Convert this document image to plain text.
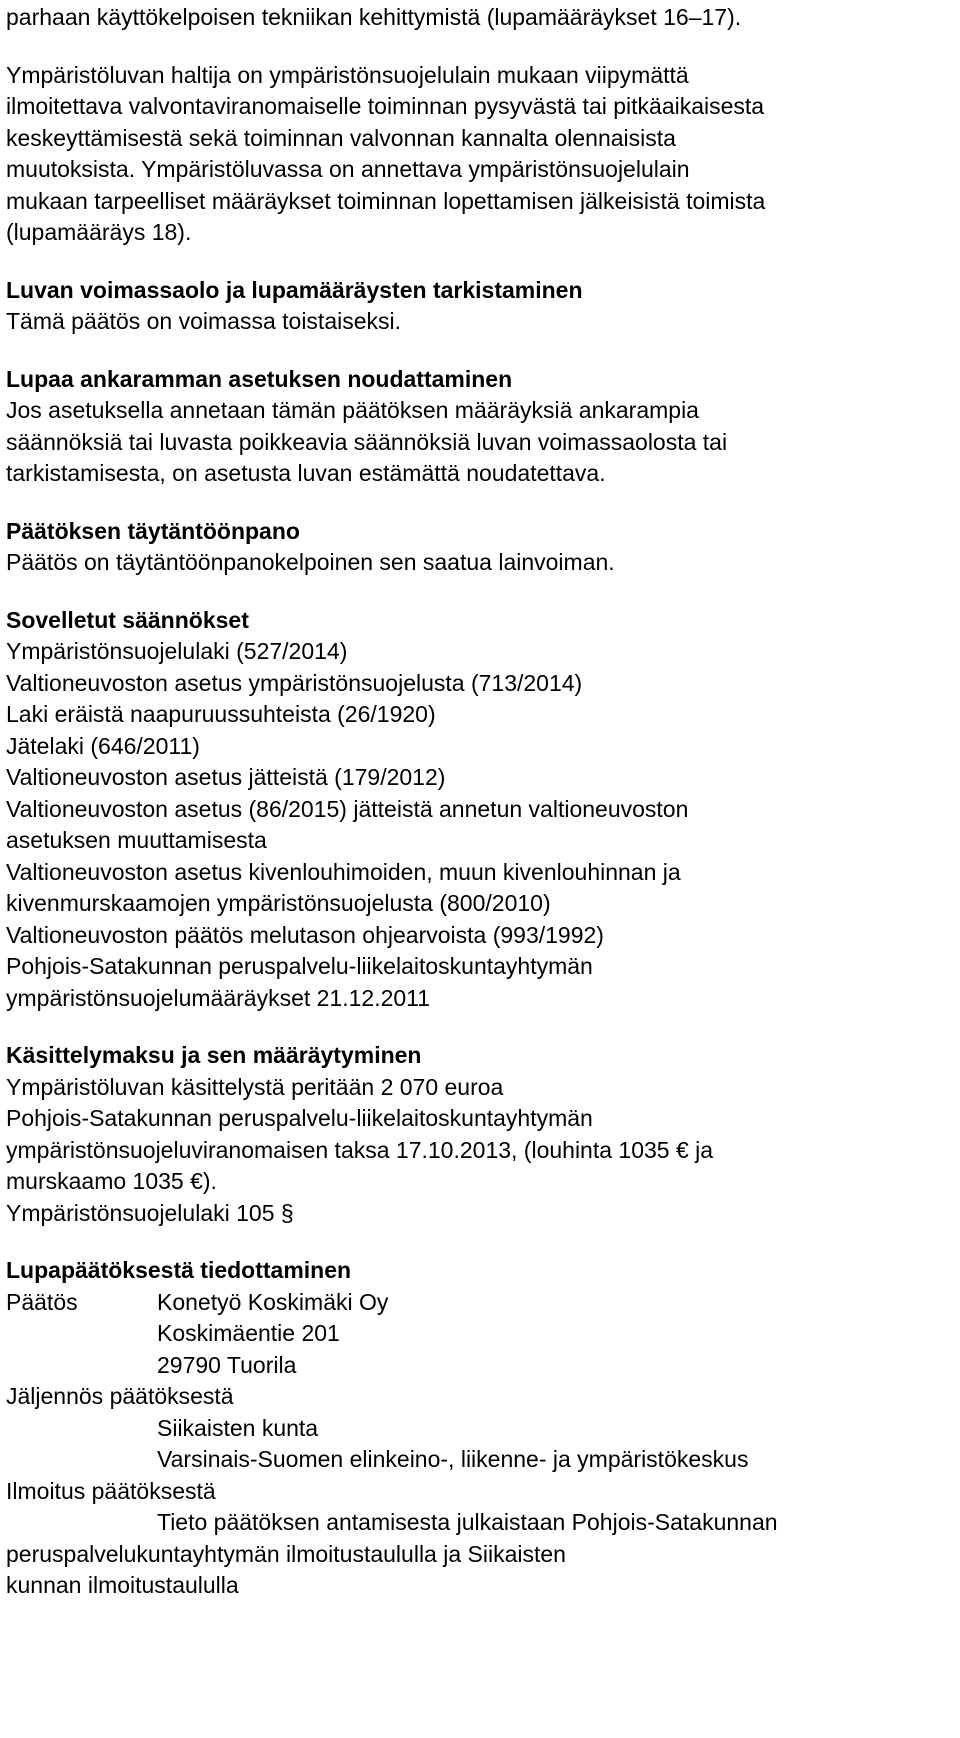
parhaan käyttökelpoisen tekniikan kehittymistä (lupamääräykset 16–17).

Ympäristöluvan haltija on ympäristönsuojelulain mukaan viipymättä
ilmoitettava valvontaviranomaiselle toiminnan pysyvästä tai pitkäaikaisesta
keskeyttämisestä sekä toiminnan valvonnan kannalta olennaisista
muutoksista. Ympäristöluvassa on annettava ympäristönsuojelulain
mukaan tarpeelliset määräykset toiminnan lopettamisen jälkeisistä toimista
(lupamääräys 18).
Luvan voimassaolo ja lupamääräysten tarkistaminen
Tämä päätös on voimassa toistaiseksi.
Lupaa ankaramman asetuksen noudattaminen
Jos asetuksella annetaan tämän päätöksen määräyksiä ankarampia
säännöksiä tai luvasta poikkeavia säännöksiä luvan voimassaolosta tai
tarkistamisesta, on asetusta luvan estämättä noudatettava.
Päätöksen täytäntöönpano
Päätös on täytäntöönpanokelpoinen sen saatua lainvoiman.
Sovelletut säännökset
Ympäristönsuojelulaki (527/2014)
Valtioneuvoston asetus ympäristönsuojelusta (713/2014)
Laki eräistä naapuruussuhteista (26/1920)
Jätelaki (646/2011)
Valtioneuvoston asetus jätteistä (179/2012)
Valtioneuvoston asetus (86/2015) jätteistä annetun valtioneuvoston
asetuksen muuttamisesta
Valtioneuvoston asetus kivenlouhimoiden, muun kivenlouhinnan ja
kivenmurskaamojen ympäristönsuojelusta (800/2010)
Valtioneuvoston päätös melutason ohjearvoista (993/1992)
Pohjois-Satakunnan peruspalvelu-liikelaitoskuntayhtymän
ympäristönsuojelumääräykset 21.12.2011
Käsittelymaksu ja sen määräytyminen
Ympäristöluvan käsittelystä peritään 2 070 euroa
Pohjois-Satakunnan peruspalvelu-liikelaitoskuntayhtymän
ympäristönsuojeluviranomaisen taksa 17.10.2013, (louhinta 1035 € ja
murskaamo 1035 €).
Ympäristönsuojelulaki 105 §
Lupapäätöksestä tiedottaminen
Päätös	Konetyö Koskimäki Oy
Koskimäentie 201
29790 Tuorila
Jäljennös päätöksestä
Siikaisten kunta
Varsinais-Suomen elinkeino-, liikenne- ja ympäristökeskus
Ilmoitus päätöksestä
Tieto päätöksen antamisesta julkaistaan Pohjois-Satakunnan
peruspalvelukuntayhtymän ilmoitustaululla ja Siikaisten
kunnan ilmoitustaululla
